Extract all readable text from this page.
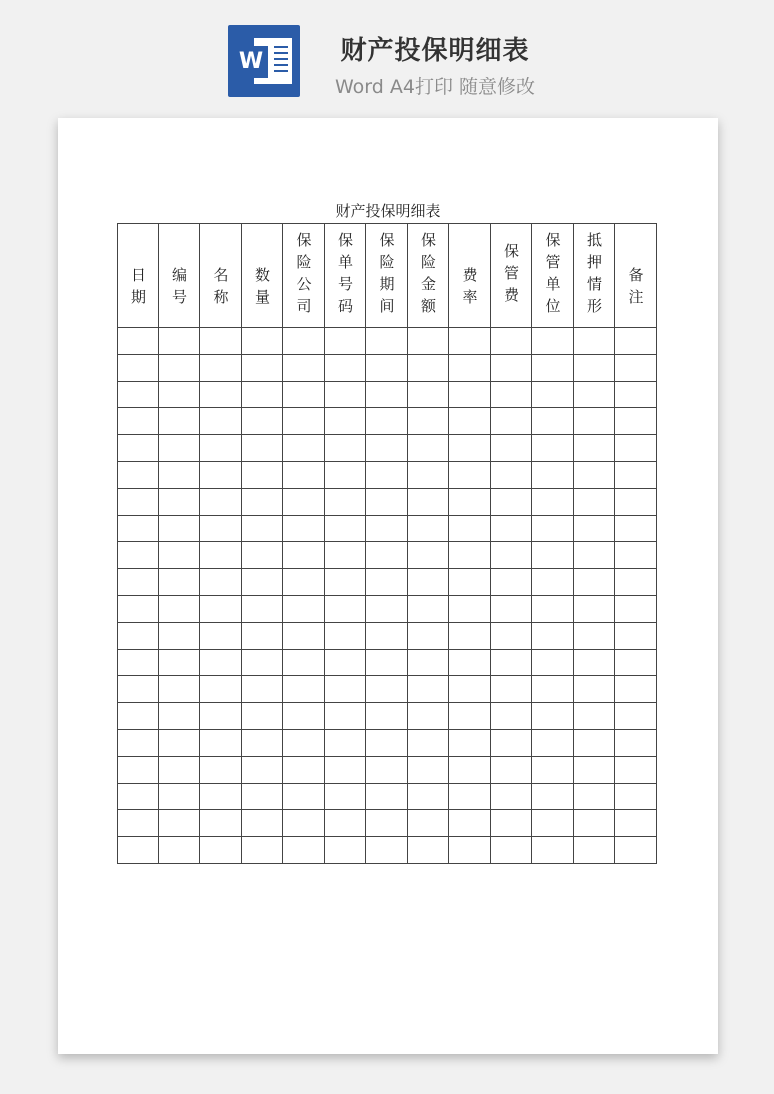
W	财产投保明细表
Word A4打印 随意修改

财产投保明细表
日期	编号	名称	数量	保险公司	保单号码	保险期间	保险金额	费率	保管费	保管单位	抵押情形	备注
